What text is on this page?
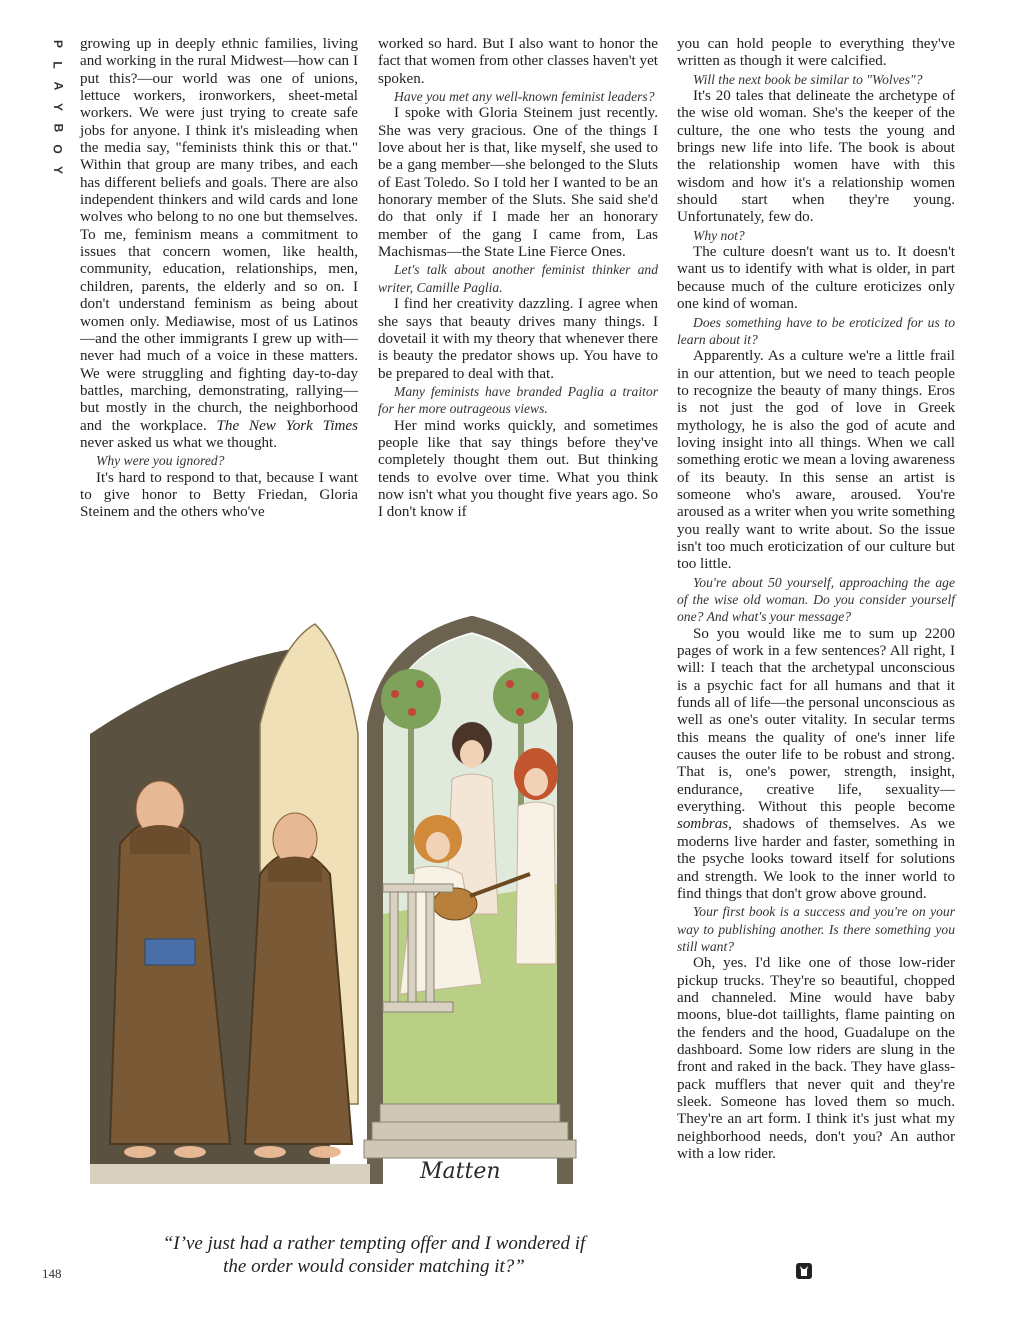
P
L
A
Y
B
O
Y

growing up in deeply ethnic families, living and working in the rural Midwest—how can I put this?—our world was one of unions, lettuce workers, ironworkers, sheet-metal workers. We were just trying to create safe jobs for anyone. I think it's misleading when the media say, "feminists think this or that." Within that group are many tribes, and each has different beliefs and goals. There are also independent thinkers and wild cards and lone wolves who belong to no one but themselves. To me, feminism means a commitment to issues that concern women, like health, community, education, relationships, men, children, parents, the elderly and so on. I don't understand feminism as being about women only. Mediawise, most of us Latinos—and the other immigrants I grew up with—never had much of a voice in these matters. We were struggling and fighting day-to-day battles, marching, demonstrating, rallying—but mostly in the church, the neighborhood and the workplace. The New York Times never asked us what we thought.

Why were you ignored?

It's hard to respond to that, because I want to give honor to Betty Friedan, Gloria Steinem and the others who've

worked so hard. But I also want to honor the fact that women from other classes haven't yet spoken.

Have you met any well-known feminist leaders?

I spoke with Gloria Steinem just recently. She was very gracious. One of the things I love about her is that, like myself, she used to be a gang member—she belonged to the Sluts of East Toledo. So I told her I wanted to be an honorary member of the Sluts. She said she'd do that only if I made her an honorary member of the gang I came from, Las Machismas—the State Line Fierce Ones.

Let's talk about another feminist thinker and writer, Camille Paglia.

I find her creativity dazzling. I agree when she says that beauty drives many things. I dovetail it with my theory that whenever there is beauty the predator shows up. You have to be prepared to deal with that.

Many feminists have branded Paglia a traitor for her more outrageous views.

Her mind works quickly, and sometimes people like that say things before they've completely thought them out. But thinking tends to evolve over time. What you think now isn't what you thought five years ago. So I don't know if

you can hold people to everything they've written as though it were calcified.

Will the next book be similar to "Wolves"?

It's 20 tales that delineate the archetype of the wise old woman. She's the keeper of the culture, the one who tests the young and brings new life into life. The book is about the relationship women have with this wisdom and how it's a relationship women should start when they're young. Unfortunately, few do.

Why not?

The culture doesn't want us to. It doesn't want us to identify with what is older, in part because much of the culture eroticizes only one kind of woman.

Does something have to be eroticized for us to learn about it?

Apparently. As a culture we're a little frail in our attention, but we need to teach people to recognize the beauty of many things. Eros is not just the god of love in Greek mythology, he is also the god of acute and loving insight into all things. When we call something erotic we mean a loving awareness of its beauty. In this sense an artist is someone who's aware, aroused. You're aroused as a writer when you write something you really want to write about. So the issue isn't too much eroticization of our culture but too little.

You're about 50 yourself, approaching the age of the wise old woman. Do you consider yourself one? And what's your message?

So you would like me to sum up 2200 pages of work in a few sentences? All right, I will: I teach that the archetypal unconscious is a psychic fact for all humans and that it funds all of life—the personal unconscious as well as one's outer vitality. In secular terms this means the quality of one's inner life causes the outer life to be robust and strong. That is, one's power, strength, insight, endurance, creative life, sexuality—everything. Without this people become sombras, shadows of themselves. As we moderns live harder and faster, something in the psyche looks toward itself for solutions and strength. We look to the inner world to find things that don't grow above ground.

Your first book is a success and you're on your way to publishing another. Is there something you still want?

Oh, yes. I'd like one of those low-rider pickup trucks. They're so beautiful, chopped and channeled. Mine would have baby moons, blue-dot taillights, flame painting on the fenders and the hood, Guadalupe on the dashboard. Some low riders are slung in the front and raked in the back. They have glass-pack mufflers that never quit and they're sleek. Someone has loved them so much. They're an art form. I think it's just what my neighborhood needs, don't you? An author with a low rider.

Matten
“I’ve just had a rather tempting offer and I wondered if
the order would consider matching it?”
148
